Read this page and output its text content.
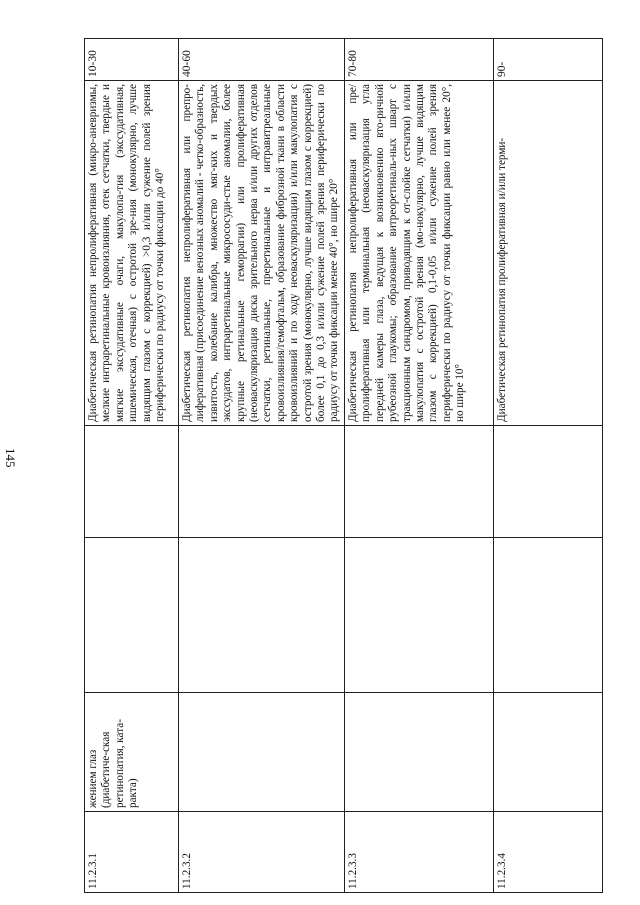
145
11.2.3.1	жением глаз (диабетиче-ская ретинопатия, ката-ракта)			Диабетическая ретинопатия непролиферативная (микро-аневризмы, мелкие интраретинальные кровоизлияния, отек сетчатки, твердые и мягкие экссудативные очаги, макулопа-тия (экссудативная, ишемическая, отечная) с остротой зре-ния (монокулярно, лучше видящим глазом с коррекцией) >0,3 и/или сужение полей зрения периферически по радиусу от точки фиксации до 40°	10-30
11.2.3.2				Диабетическая ретинопатия непролиферативная или препро-лиферативная (присоединение венозных аномалий - четко-образность, извитость, колебание калибра, множество мяг-ких и твердых экссудатов, интраретинальные микрососуди-стые аномалии, более крупные ретинальные геморрагии) или пролиферативная (неоваскуляризация диска зрительного нерва и/или других отделов сетчатки, ретинальные, преретинальные и интравитреальные кровоизлияния/гемофтальм, образование фиброзной ткани в области кровоизлияний и по ходу неоваскуляризации) и/или макулопатия с остротой зрения (монокулярно, лучше видящим глазом с коррекцией) более 0,1 до 0,3 и/или сужение полей зрения периферически по радиусу от точки фиксации менее 40°, но шире 20°	40-60
11.2.3.3				Диабетическая ретинопатия непролиферативная или пре/пролиферативная или терминальная (неоваскуляризация угла передней камеры глаза, ведущая к возникновению вто-ричной рубеозной глаукомы; образование витреоретиналь-ных шварт с тракционным синдромом, приводящим к от-слойке сетчатки) и/или макулопатия с остротой зрения (мо-нокулярно, лучше видящим глазом с коррекцией) 0,1-0,05 и/или сужение полей зрения периферически по радиусу от точки фиксации равно или менее 20°, но шире 10°	70-80
11.2.3.4				Диабетическая ретинопатия пролиферативная и/или терми-	90-
